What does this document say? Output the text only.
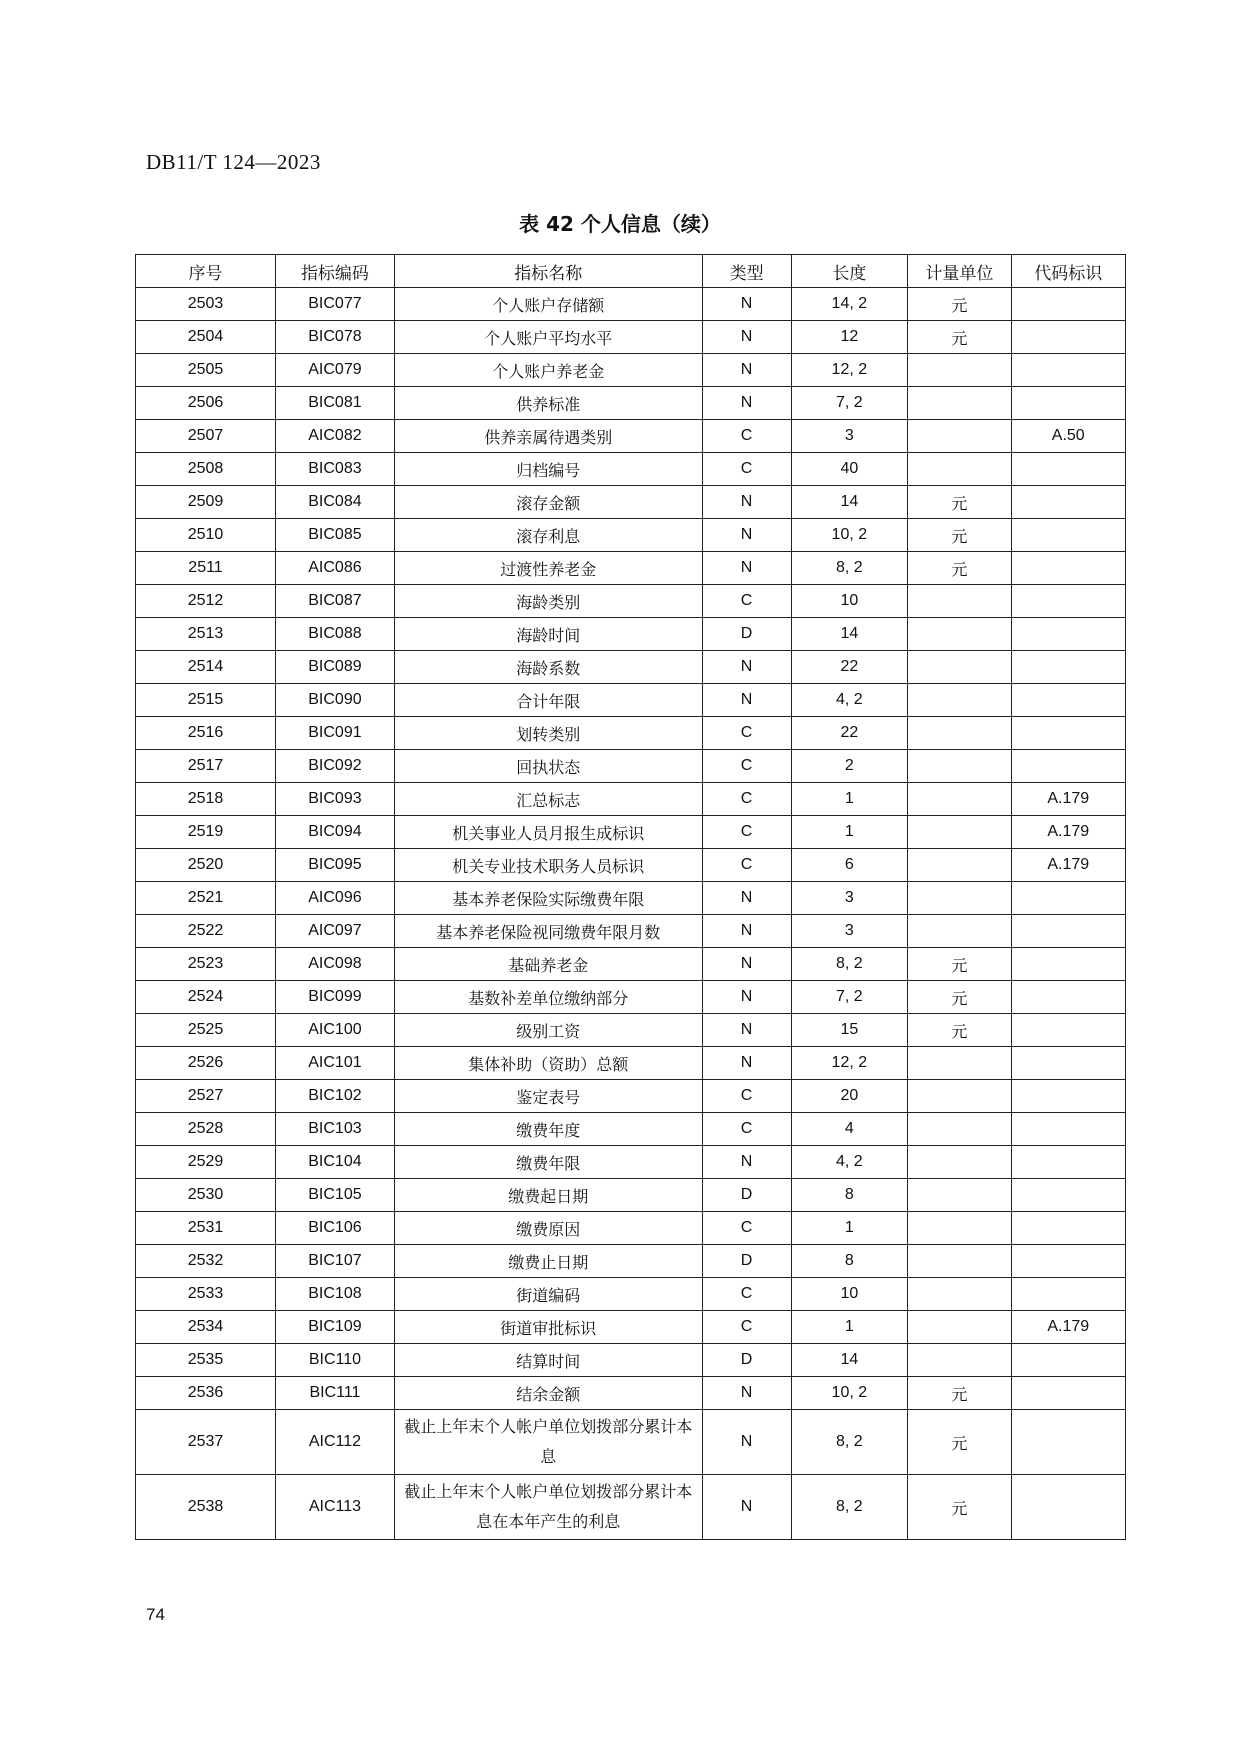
DB11/T 124—2023
表 42 个人信息（续）
序号	指标编码	指标名称	类型	长度	计量单位	代码标识
2503	BIC077	个人账户存储额	N	14, 2	元	
2504	BIC078	个人账户平均水平	N	12	元	
2505	AIC079	个人账户养老金	N	12, 2		
2506	BIC081	供养标准	N	7, 2		
2507	AIC082	供养亲属待遇类别	C	3		A.50
2508	BIC083	归档编号	C	40		
2509	BIC084	滚存金额	N	14	元	
2510	BIC085	滚存利息	N	10, 2	元	
2511	AIC086	过渡性养老金	N	8, 2	元	
2512	BIC087	海龄类别	C	10		
2513	BIC088	海龄时间	D	14		
2514	BIC089	海龄系数	N	22		
2515	BIC090	合计年限	N	4, 2		
2516	BIC091	划转类别	C	22		
2517	BIC092	回执状态	C	2		
2518	BIC093	汇总标志	C	1		A.179
2519	BIC094	机关事业人员月报生成标识	C	1		A.179
2520	BIC095	机关专业技术职务人员标识	C	6		A.179
2521	AIC096	基本养老保险实际缴费年限	N	3		
2522	AIC097	基本养老保险视同缴费年限月数	N	3		
2523	AIC098	基础养老金	N	8, 2	元	
2524	BIC099	基数补差单位缴纳部分	N	7, 2	元	
2525	AIC100	级别工资	N	15	元	
2526	AIC101	集体补助（资助）总额	N	12, 2		
2527	BIC102	鉴定表号	C	20		
2528	BIC103	缴费年度	C	4		
2529	BIC104	缴费年限	N	4, 2		
2530	BIC105	缴费起日期	D	8		
2531	BIC106	缴费原因	C	1		
2532	BIC107	缴费止日期	D	8		
2533	BIC108	街道编码	C	10		
2534	BIC109	街道审批标识	C	1		A.179
2535	BIC110	结算时间	D	14		
2536	BIC111	结余金额	N	10, 2	元	
2537	AIC112	截止上年末个人帐户单位划拨部分累计本息	N	8, 2	元	
2538	AIC113	截止上年末个人帐户单位划拨部分累计本息在本年产生的利息	N	8, 2	元	
74
